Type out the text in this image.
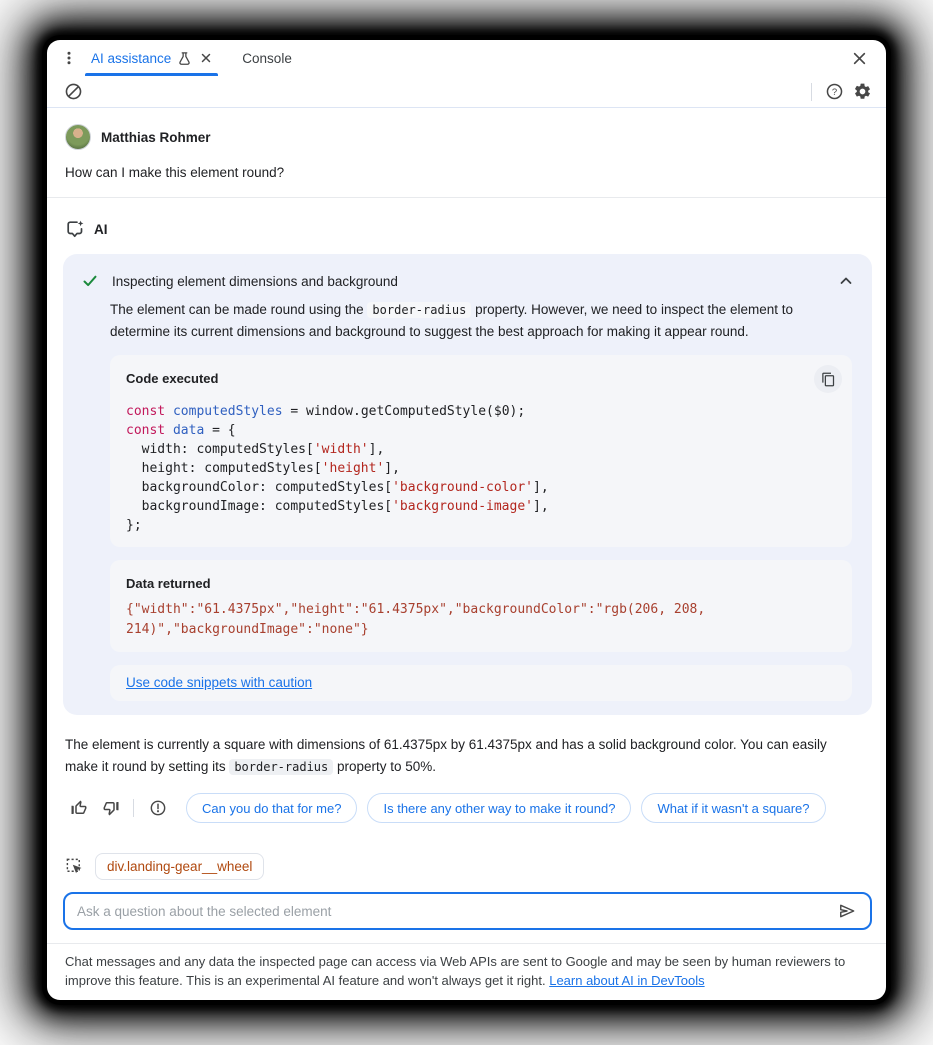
AI assistance	Console
?
Matthias Rohmer
How can I make this element round?
AI
Inspecting element dimensions and background
The element can be made round using the border-radius property. However, we need to inspect the element to determine its current dimensions and background to suggest the best approach for making it appear round.
Code executed
const computedStyles = window.getComputedStyle($0);
const data = {
width: computedStyles['width'],
height: computedStyles['height'],
backgroundColor: computedStyles['background-color'],
backgroundImage: computedStyles['background-image'],
};
Data returned
{"width":"61.4375px","height":"61.4375px","backgroundColor":"rgb(206, 208, 214)","backgroundImage":"none"}
Use code snippets with caution
The element is currently a square with dimensions of 61.4375px by 61.4375px and has a solid background color. You can easily make it round by setting its border-radius property to 50%.
Can you do that for me?	Is there any other way to make it round?	What if it wasn't a square?
div.landing-gear__wheel
Ask a question about the selected element
Chat messages and any data the inspected page can access via Web APIs are sent to Google and may be seen by human reviewers to improve this feature. This is an experimental AI feature and won't always get it right. Learn about AI in DevTools
